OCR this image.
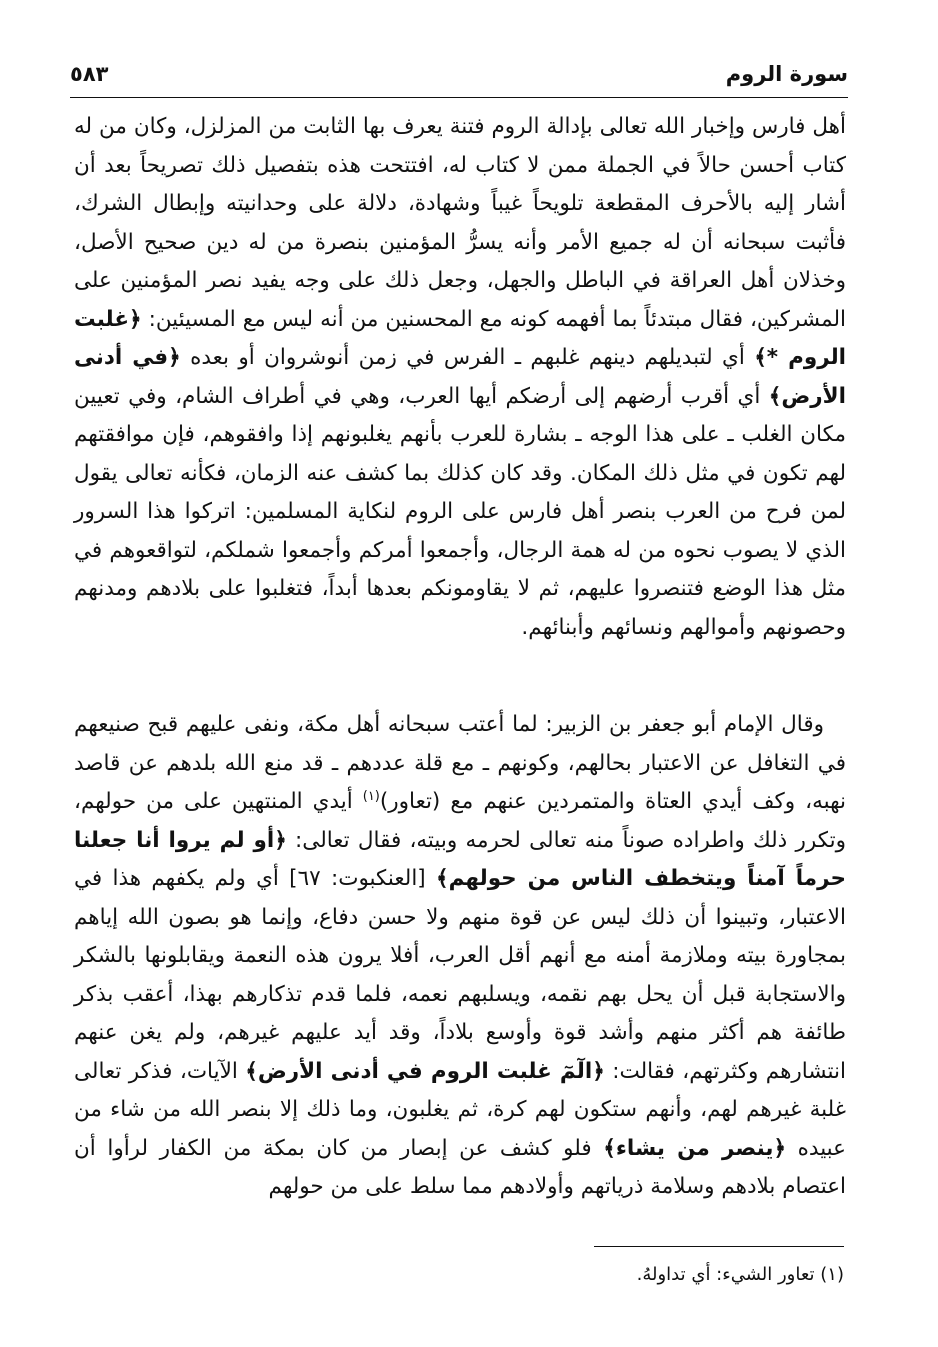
سورة الروم
٥٨٣

أهل فارس وإخبار الله تعالى بإدالة الروم فتنة يعرف بها الثابت من المزلزل، وكان من له كتاب أحسن حالاً في الجملة ممن لا كتاب له، افتتحت هذه بتفصيل ذلك تصريحاً بعد أن أشار إليه بالأحرف المقطعة تلويحاً غيباً وشهادة، دلالة على وحدانيته وإبطال الشرك، فأثبت سبحانه أن له جميع الأمر وأنه يسرُّ المؤمنين بنصرة من له دين صحيح الأصل، وخذلان أهل العراقة في الباطل والجهل، وجعل ذلك على وجه يفيد نصر المؤمنين على المشركين، فقال مبتدئاً بما أفهمه كونه مع المحسنين من أنه ليس مع المسيئين: ﴿غلبت الروم *﴾ أي لتبديلهم دينهم غلبهم ـ الفرس في زمن أنوشروان أو بعده ﴿في أدنى الأرض﴾ أي أقرب أرضهم إلى أرضكم أيها العرب، وهي في أطراف الشام، وفي تعيين مكان الغلب ـ على هذا الوجه ـ بشارة للعرب بأنهم يغلبونهم إذا وافقوهم، فإن موافقتهم لهم تكون في مثل ذلك المكان. وقد كان كذلك بما كشف عنه الزمان، فكأنه تعالى يقول لمن فرح من العرب بنصر أهل فارس على الروم لنكاية المسلمين: اتركوا هذا السرور الذي لا يصوب نحوه من له همة الرجال، وأجمعوا أمركم وأجمعوا شملكم، لتواقعوهم في مثل هذا الوضع فتنصروا عليهم، ثم لا يقاومونكم بعدها أبداً، فتغلبوا على بلادهم ومدنهم وحصونهم وأموالهم ونسائهم وأبنائهم.

وقال الإمام أبو جعفر بن الزبير: لما أعتب سبحانه أهل مكة، ونفى عليهم قبح صنيعهم في التغافل عن الاعتبار بحالهم، وكونهم ـ مع قلة عددهم ـ قد منع الله بلدهم عن قاصد نهبه، وكف أيدي العتاة والمتمردين عنهم مع (تعاور)$^{(١)}$ أيدي المنتهين على من حولهم، وتكرر ذلك واطراده صوناً منه تعالى لحرمه وبيته، فقال تعالى: ﴿أو لم يروا أنا جعلنا حرماً آمناً ويتخطف الناس من حولهم﴾ [العنكبوت: ٦٧] أي ولم يكفهم هذا في الاعتبار، وتبينوا أن ذلك ليس عن قوة منهم ولا حسن دفاع، وإنما هو بصون الله إياهم بمجاورة بيته وملازمة أمنه مع أنهم أقل العرب، أفلا يرون هذه النعمة ويقابلونها بالشكر والاستجابة قبل أن يحل بهم نقمه، ويسلبهم نعمه، فلما قدم تذكارهم بهذا، أعقب بذكر طائفة هم أكثر منهم وأشد قوة وأوسع بلاداً، وقد أيد عليهم غيرهم، ولم يغن عنهم انتشارهم وكثرتهم، فقالت: ﴿الٓمٓ غلبت الروم في أدنى الأرض﴾ الآيات، فذكر تعالى غلبة غيرهم لهم، وأنهم ستكون لهم كرة، ثم يغلبون، وما ذلك إلا بنصر الله من شاء من عبيده ﴿ينصر من يشاء﴾ فلو كشف عن إبصار من كان بمكة من الكفار لرأوا أن اعتصام بلادهم وسلامة ذرياتهم وأولادهم مما سلط على من حولهم

(١) تعاور الشيء: أي تداولهُ.
